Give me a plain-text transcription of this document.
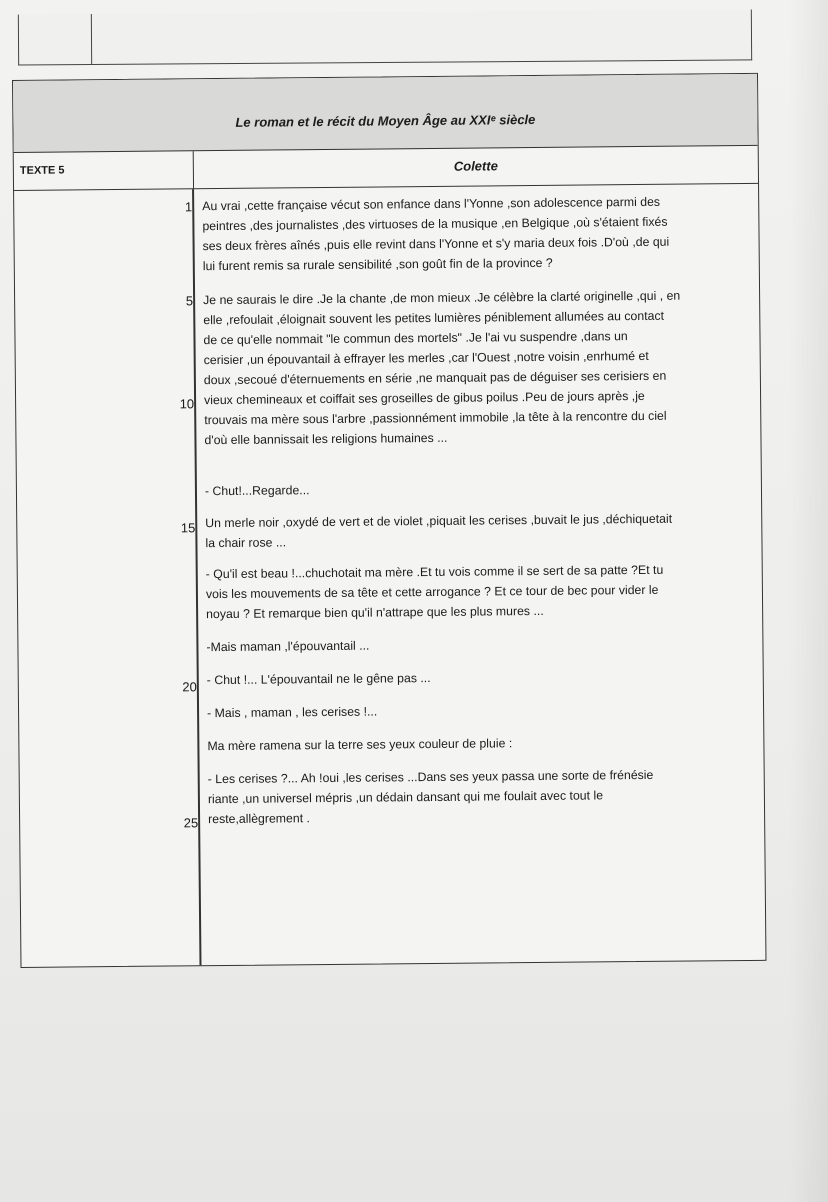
Le roman et le récit du Moyen Âge au XXIᵉ siècle
TEXTE 5	Colette
1
5
10
15
20
25
Au vrai ,cette française vécut son enfance dans l'Yonne ,son adolescence parmi des
peintres ,des journalistes ,des virtuoses de la musique ,en Belgique ,où s'étaient fixés
ses deux frères aînés ,puis elle revint dans l'Yonne et s'y maria deux fois .D'où ,de qui
lui furent remis sa rurale sensibilité ,son goût fin de la province ?
Je ne saurais le dire .Je la chante ,de mon mieux .Je célèbre la clarté originelle ,qui , en
elle ,refoulait ,éloignait souvent les petites lumières péniblement allumées au contact
de ce qu'elle nommait "le commun des mortels" .Je l'ai vu suspendre ,dans un
cerisier ,un épouvantail à effrayer les merles ,car l'Ouest ,notre voisin ,enrhumé et
doux ,secoué d'éternuements en série ,ne manquait pas de déguiser ses cerisiers en
vieux chemineaux et coiffait ses groseilles de gibus poilus .Peu de jours après ,je
trouvais ma mère sous l'arbre ,passionnément immobile ,la tête à la rencontre du ciel
d'où elle bannissait les religions humaines ...
- Chut!...Regarde...
Un merle noir ,oxydé de vert et de violet ,piquait les cerises ,buvait le jus ,déchiquetait
la chair rose ...
- Qu'il est beau !...chuchotait ma mère .Et tu vois comme il se sert de sa patte ?Et tu
vois les mouvements de sa tête et cette arrogance ? Et ce tour de bec pour vider le
noyau ? Et remarque bien qu'il n'attrape que les plus mures ...
-Mais maman ,l'épouvantail ...
- Chut !... L'épouvantail ne le gêne pas ...
- Mais , maman , les cerises !...
Ma mère ramena sur la terre ses yeux couleur de pluie :
- Les cerises ?... Ah !oui ,les cerises ...Dans ses yeux passa une sorte de frénésie
riante ,un universel mépris ,un dédain dansant qui me foulait avec tout le
reste,allègrement .
